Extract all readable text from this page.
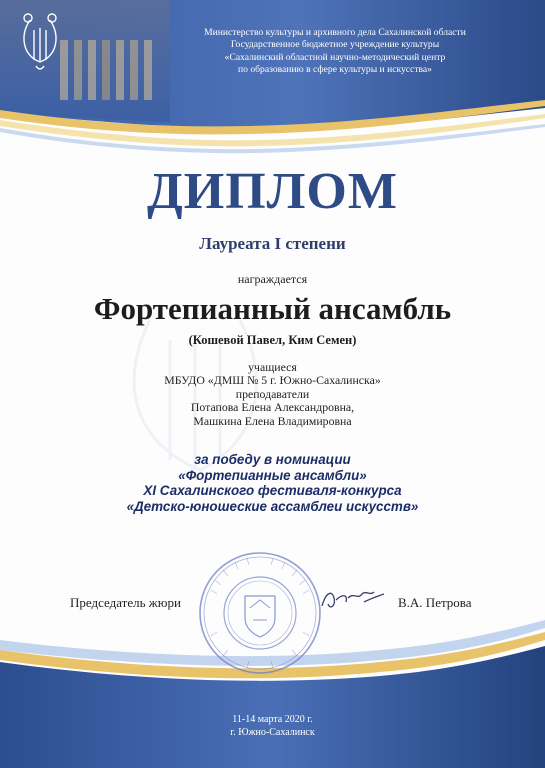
Министерство культуры и архивного дела Сахалинской области
Государственное бюджетное учреждение культуры
«Сахалинский областной научно-методический центр
по образованию в сфере культуры и искусства»
ДИПЛОМ
Лауреата I степени
награждается
Фортепианный ансамбль
(Кошевой Павел, Ким Семен)
учащиеся
МБУДО «ДМШ № 5 г. Южно-Сахалинска»
преподаватели
Потапова Елена Александровна,
Машкина Елена Владимировна
за победу в номинации
«Фортепианные ансамбли»
XI Сахалинского фестиваля-конкурса
«Детско-юношеские ассамблеи искусств»
Председатель жюри	В.А. Петрова
11-14 марта 2020 г.
г. Южно-Сахалинск
